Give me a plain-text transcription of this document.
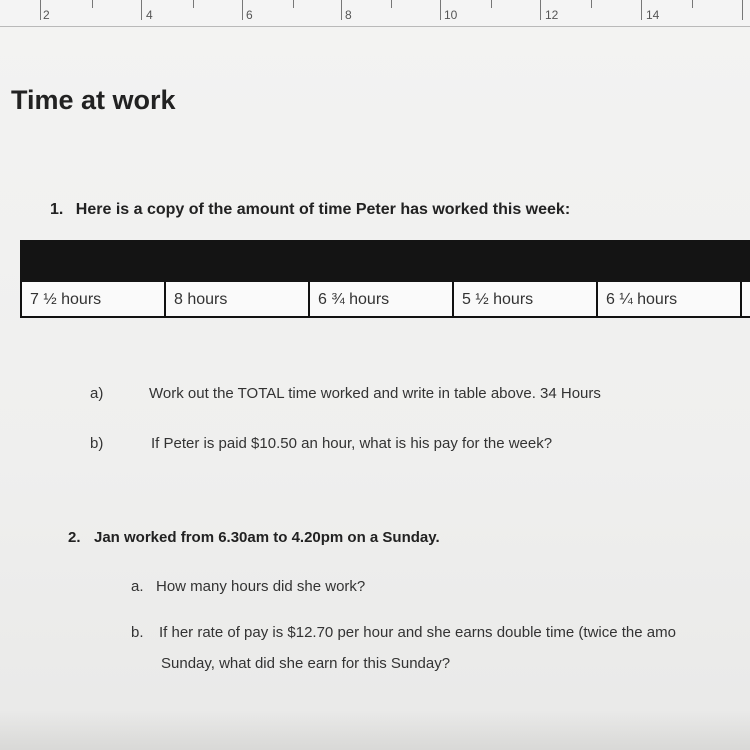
2	4	6	8	10	12	14
Time at work
1. Here is a copy of the amount of time Peter has worked this week:
7 ½ hours	8 hours	6 ¾ hours	5 ½ hours	6 ¼ hours
a)	Work out the TOTAL time worked and write in table above. 34 Hours
b)	If Peter is paid $10.50 an hour, what is his pay for the week?
2. Jan worked from 6.30am to 4.20pm on a Sunday.
a. How many hours did she work?
b. If her rate of pay is $12.70 per hour and she earns double time (twice the amo
Sunday, what did she earn for this Sunday?
